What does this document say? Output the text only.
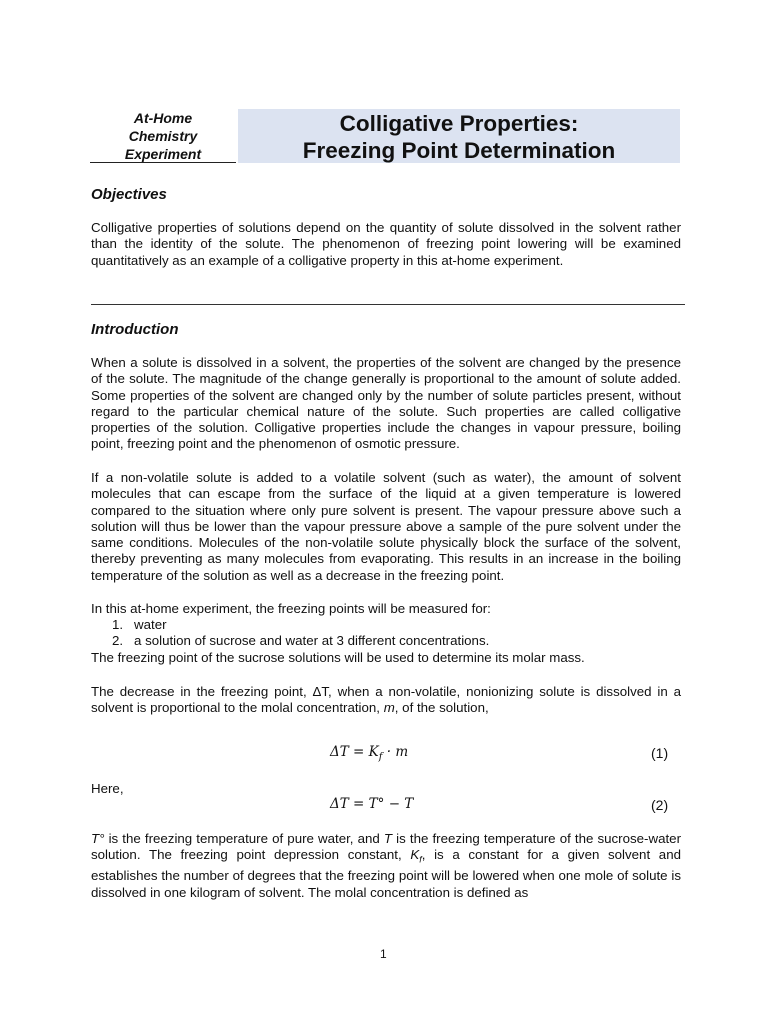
At-Home
Chemistry
Experiment
Colligative Properties:
Freezing Point Determination
Objectives

Colligative properties of solutions depend on the quantity of solute dissolved in the solvent rather than the identity of the solute. The phenomenon of freezing point lowering will be examined quantitatively as an example of a colligative property in this at-home experiment.

Introduction

When a solute is dissolved in a solvent, the properties of the solvent are changed by the presence of the solute. The magnitude of the change generally is proportional to the amount of solute added. Some properties of the solvent are changed only by the number of solute particles present, without regard to the particular chemical nature of the solute. Such properties are called colligative properties of the solution. Colligative properties include the changes in vapour pressure, boiling point, freezing point and the phenomenon of osmotic pressure.

If a non-volatile solute is added to a volatile solvent (such as water), the amount of solvent molecules that can escape from the surface of the liquid at a given temperature is lowered compared to the situation where only pure solvent is present. The vapour pressure above such a solution will thus be lower than the vapour pressure above a sample of the pure solvent under the same conditions. Molecules of the non-volatile solute physically block the surface of the solvent, thereby preventing as many molecules from evaporating. This results in an increase in the boiling temperature of the solution as well as a decrease in the freezing point.

In this at-home experiment, the freezing points will be measured for:

1. water
2. a solution of sucrose and water at 3 different concentrations.

The freezing point of the sucrose solutions will be used to determine its molar mass.

The decrease in the freezing point, ΔT, when a non-volatile, nonionizing solute is dissolved in a solvent is proportional to the molal concentration, m, of the solution,

$\Delta T = K_f \cdot m$	(1)

Here,

ΔT = T° − T	(2)

T° is the freezing temperature of pure water, and T is the freezing temperature of the sucrose-water solution. The freezing point depression constant, $K_f$, is a constant for a given solvent and establishes the number of degrees that the freezing point will be lowered when one mole of solute is dissolved in one kilogram of solvent. The molal concentration is defined as

1
